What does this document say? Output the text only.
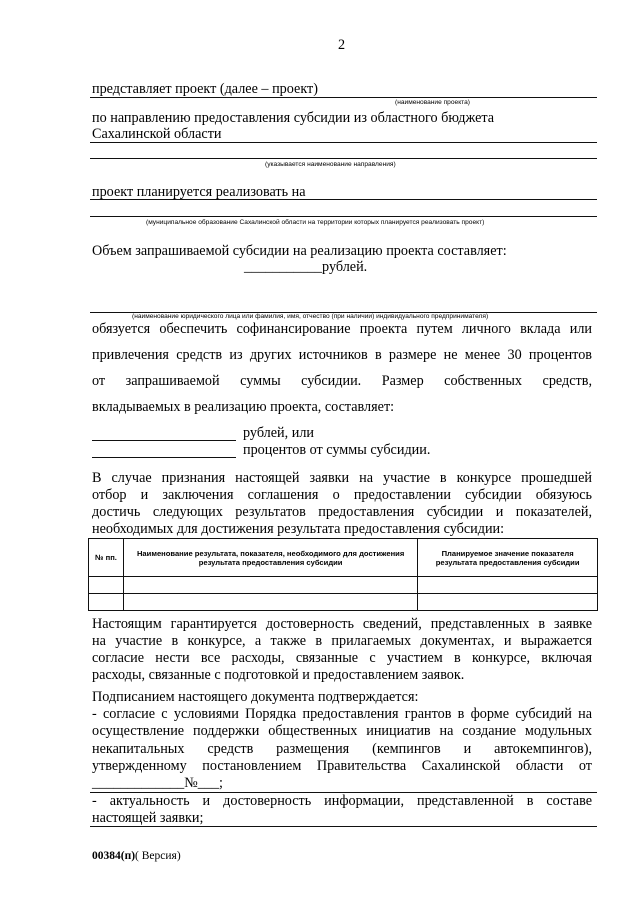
2
представляет проект (далее – проект)
(наименование проекта)
по направлению предоставления субсидии из областного бюджета
Сахалинской области
(указывается наименование направления)
проект планируется реализовать на
(муниципальное образование Сахалинской области на территории которых планируется реализовать проект)
Объем запрашиваемой субсидии на реализацию проекта составляет:
___________рублей.
(наименование юридического лица или фамилия, имя, отчество (при наличии) индивидуального предпринимателя)
обязуется обеспечить софинансирование проекта путем личного вклада или
привлечения средств из других источников в размере не менее 30 процентов
от запрашиваемой суммы субсидии. Размер собственных средств,
вкладываемых в реализацию проекта, составляет:
рублей, или
процентов от суммы субсидии.
В случае признания настоящей заявки на участие в конкурсе прошедшей
отбор и заключения соглашения о предоставлении субсидии обязуюсь
достичь следующих результатов предоставления субсидии и показателей,
необходимых для достижения результата предоставления субсидии:
№ пп.	Наименование результата, показателя, необходимого для достижения результата предоставления субсидии	Планируемое значение показателя результата предоставления субсидии

Настоящим гарантируется достоверность сведений, представленных в заявке
на участие в конкурсе, а также в прилагаемых документах, и выражается
согласие нести все расходы, связанные с участием в конкурсе, включая
расходы, связанные с подготовкой и предоставлением заявок.
Подписанием настоящего документа подтверждается:
- согласие с условиями Порядка предоставления грантов в форме субсидий на
осуществление поддержки общественных инициатив на создание модульных
некапитальных средств размещения (кемпингов и автокемпингов),
утвержденному постановлением Правительства Сахалинской области от
_____________№___;
- актуальность и достоверность информации, представленной в составе
настоящей заявки;
00384(п)( Версия)
